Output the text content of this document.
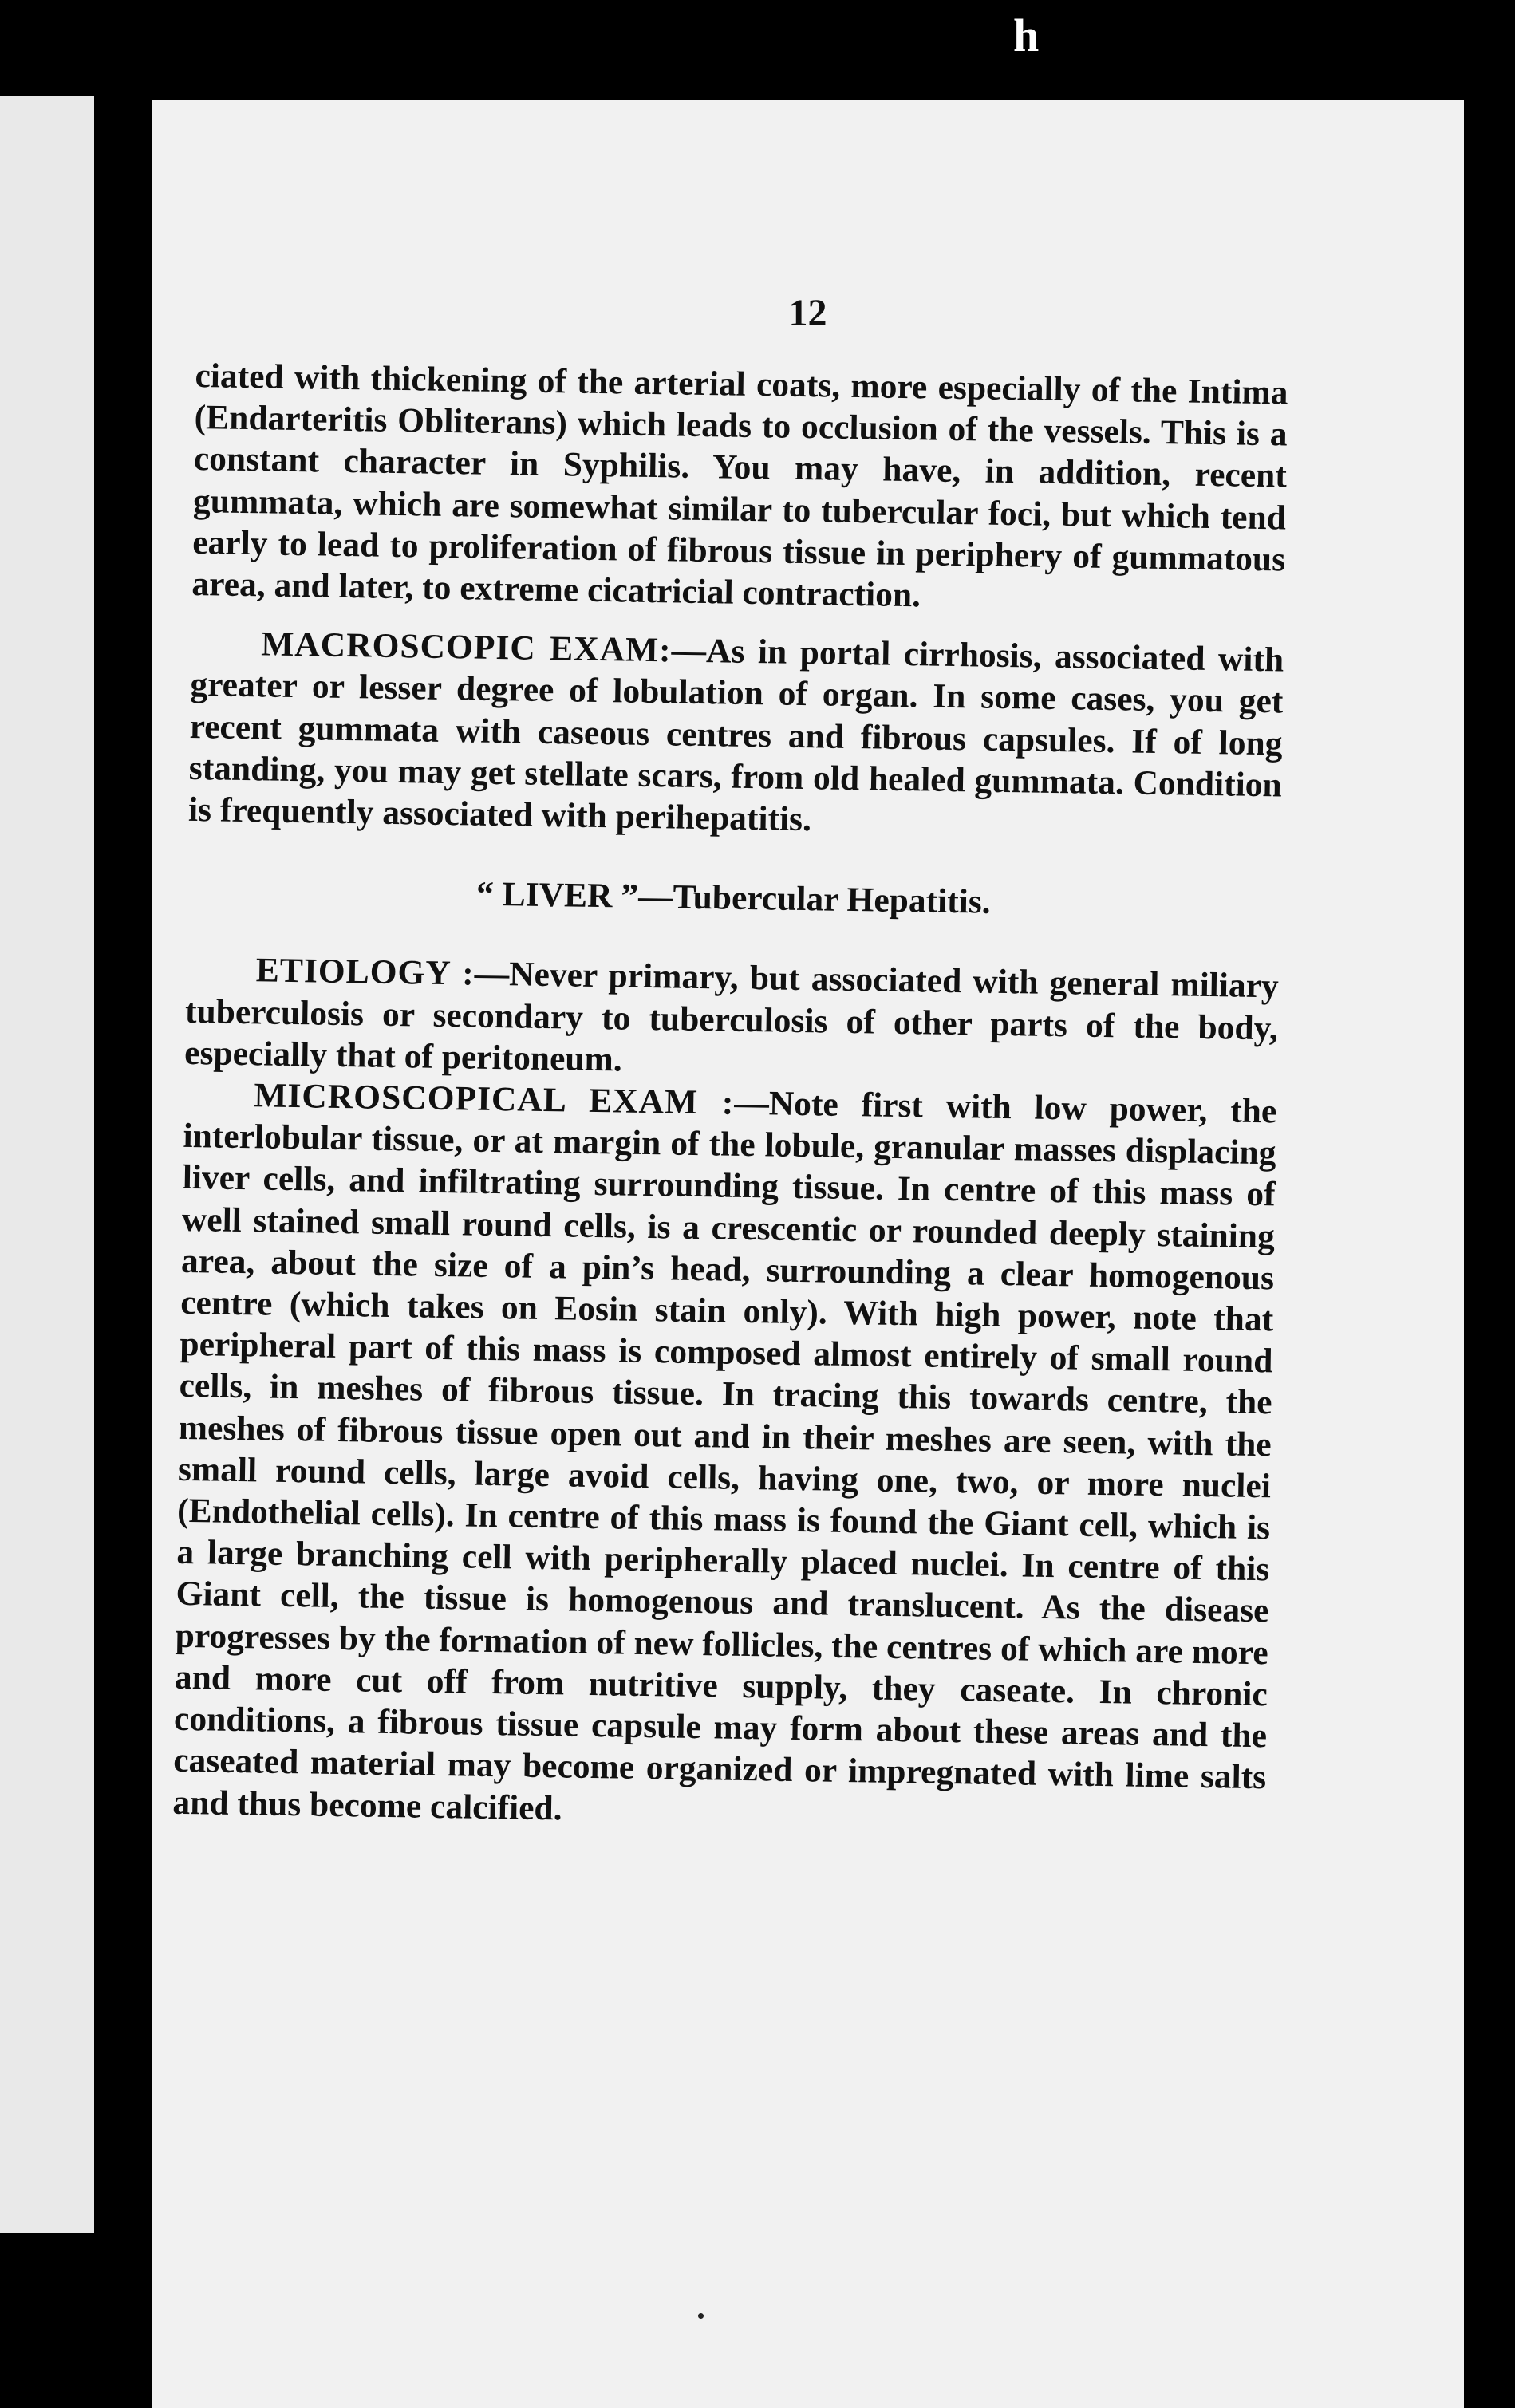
h
12

ciated with thickening of the arterial coats, more especially of the Intima (Endarteritis Obliterans) which leads to occlusion of the vessels. This is a constant character in Syphilis. You may have, in addition, recent gummata, which are somewhat similar to tubercular foci, but which tend early to lead to proliferation of fibrous tissue in periphery of gummatous area, and later, to extreme cicatricial contraction.

MACROSCOPIC EXAM:—As in portal cirrhosis, associated with greater or lesser degree of lobulation of organ. In some cases, you get recent gummata with caseous centres and fibrous capsules. If of long standing, you may get stellate scars, from old healed gummata. Condition is frequently associated with perihepatitis.

“ LIVER ”—Tubercular Hepatitis.

ETIOLOGY :—Never primary, but associated with general miliary tuberculosis or secondary to tuberculosis of other parts of the body, especially that of peritoneum.

MICROSCOPICAL EXAM :—Note first with low power, the interlobular tissue, or at margin of the lobule, granular masses displacing liver cells, and infiltrating surrounding tissue. In centre of this mass of well stained small round cells, is a crescentic or rounded deeply staining area, about the size of a pin’s head, surrounding a clear homogenous centre (which takes on Eosin stain only). With high power, note that peripheral part of this mass is composed almost entirely of small round cells, in meshes of fibrous tissue. In tracing this towards centre, the meshes of fibrous tissue open out and in their meshes are seen, with the small round cells, large avoid cells, having one, two, or more nuclei (Endothelial cells). In centre of this mass is found the Giant cell, which is a large branching cell with peripherally placed nuclei. In centre of this Giant cell, the tissue is homogenous and translucent. As the disease progresses by the formation of new follicles, the centres of which are more and more cut off from nutritive supply, they caseate. In chronic conditions, a fibrous tissue capsule may form about these areas and the caseated material may become organized or impregnated with lime salts and thus become calcified.
